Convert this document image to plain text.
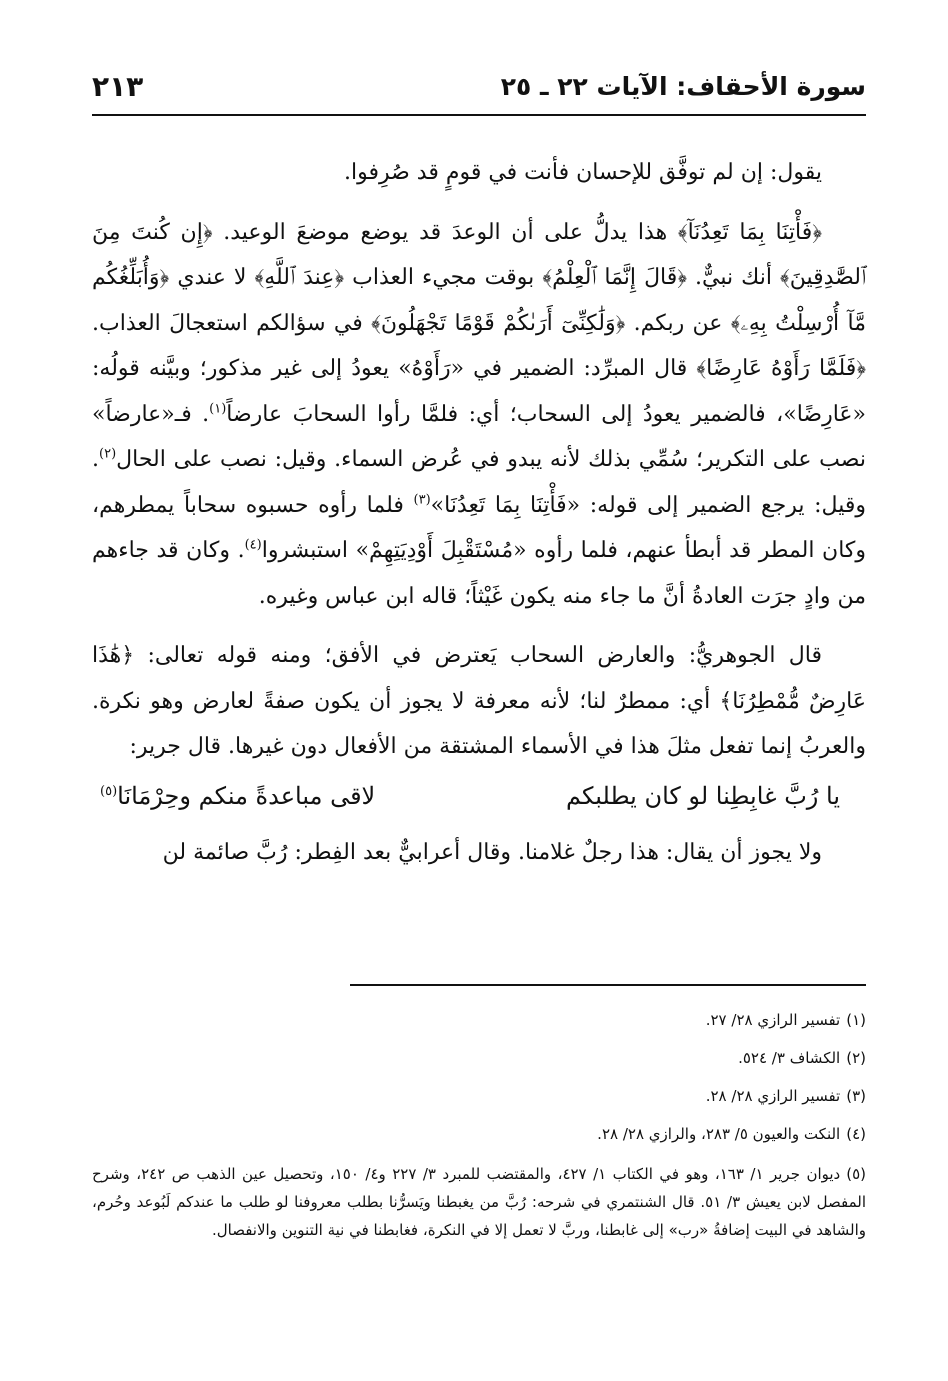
سورة الأحقاف: الآيات ٢٢ ـ ٢٥
٢١٣

يقول: إن لم توفَّق للإحسان فأنت في قومٍ قد صُرِفوا.

﴿فَأْتِنَا بِمَا تَعِدُنَآ﴾ هذا يدلُّ على أن الوعدَ قد يوضع موضعَ الوعيد. ﴿إِن كُنتَ مِنَ ٱلصَّٰدِقِينَ﴾ أنك نبيٌّ. ﴿قَالَ إِنَّمَا ٱلْعِلْمُ﴾ بوقت مجيء العذاب ﴿عِندَ ٱللَّهِ﴾ لا عندي ﴿وَأُبَلِّغُكُم مَّآ أُرْسِلْتُ بِهِۦ﴾ عن ربكم. ﴿وَلَٰكِنِّىٓ أَرَىٰكُمْ قَوْمًا تَجْهَلُونَ﴾ في سؤالكم استعجالَ العذاب. ﴿فَلَمَّا رَأَوْهُ عَارِضًا﴾ قال المبرِّد: الضمير في «رَأَوْهُ» يعودُ إلى غير مذكور؛ وبيَّنه قولُه: «عَارِضًا»، فالضمير يعودُ إلى السحاب؛ أي: فلمَّا رأوا السحابَ عارضاً$^{(١)}$. فـ«عارضاً» نصب على التكرير؛ سُمِّي بذلك لأنه يبدو في عُرض السماء. وقيل: نصب على الحال$^{(٢)}$. وقيل: يرجع الضمير إلى قوله: «فَأْتِنَا بِمَا تَعِدُنَا»$^{(٣)}$ فلما رأوه حسبوه سحاباً يمطرهم، وكان المطر قد أبطأ عنهم، فلما رأوه «مُسْتَقْبِلَ أَوْدِيَتِهِمْ» استبشروا$^{(٤)}$. وكان قد جاءهم من وادٍ جرَت العادةُ أنَّ ما جاء منه يكون غَيْثاً؛ قاله ابن عباس وغيره.

قال الجوهريُّ: والعارض السحاب يَعترض في الأفق؛ ومنه قوله تعالى: ﴿هَٰذَا عَارِضٌ مُّمْطِرُنَا﴾ أي: ممطرٌ لنا؛ لأنه معرفة لا يجوز أن يكون صفةً لعارض وهو نكرة. والعربُ إنما تفعل مثلَ هذا في الأسماء المشتقة من الأفعال دون غيرها. قال جرير:

يا رُبَّ غابِطِنا لو كان يطلبكم
لاقى مباعدةً منكم وحِرْمَانَا$^{(٥)}$

ولا يجوز أن يقال: هذا رجلٌ غلامنا. وقال أعرابيٌّ بعد الفِطر: رُبَّ صائمة لن

(١)تفسير الرازي ٢٨/ ٢٧.

(٢)الكشاف ٣/ ٥٢٤.

(٣)تفسير الرازي ٢٨/ ٢٨.

(٤)النكت والعيون ٥/ ٢٨٣، والرازي ٢٨/ ٢٨.

(٥)ديوان جرير ١/ ١٦٣، وهو في الكتاب ١/ ٤٢٧، والمقتضب للمبرد ٣/ ٢٢٧ و٤/ ١٥٠، وتحصيل عين الذهب ص ٢٤٢، وشرح المفصل لابن يعيش ٣/ ٥١. قال الشنتمري في شرحه: رُبَّ من يغبطنا ويَسرُّنا بطلب معروفنا لو طلب ما عندكم لَبُوعد وحُرم، والشاهد في البيت إضافةُ «رب» إلى غابطنا، وربَّ لا تعمل إلا في النكرة، فغابطنا في نية التنوين والانفصال.
